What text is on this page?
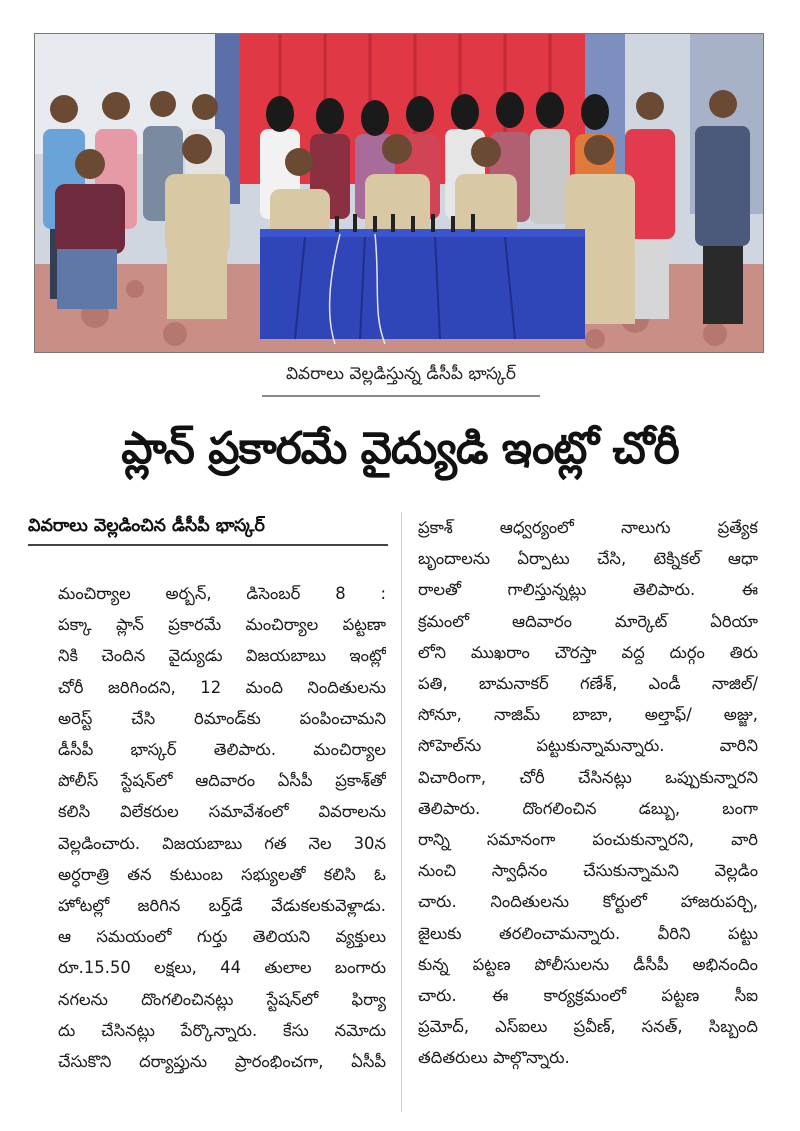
వివరాలు వెల్లడిస్తున్న డీసీపీ భాస్కర్
ప్లాన్ ప్రకారమే వైద్యుడి ఇంట్లో చోరీ
వివరాలు వెల్లడించిన డీసీపీ భాస్కర్

మంచిర్యాల అర్బన్, డిసెంబర్ 8 :

పక్కా ప్లాన్ ప్రకారమే మంచిర్యాల పట్టణా

నికి చెందిన వైద్యుడు విజయబాబు ఇంట్లో

చోరీ జరిగిందని, 12 మంది నిందితులను

అరెస్ట్ చేసి రిమాండ్‌కు పంపించామని

డీసీపీ భాస్కర్ తెలిపారు. మంచిర్యాల

పోలీస్ స్టేషన్‌లో ఆదివారం ఏసీపీ ప్రకాశ్‌తో

కలిసి విలేకరుల సమావేశంలో వివరాలను

వెల్లడించారు. విజయబాబు గత నెల 30న

అర్ధరాత్రి తన కుటుంబ సభ్యులతో కలిసి ఓ

హోటల్లో జరిగిన బర్త్‌డే వేడుకలకువెళ్లాడు.

ఆ సమయంలో గుర్తు తెలియని వ్యక్తులు

రూ.15.50 లక్షలు, 44 తులాల బంగారు

నగలను దొంగలించినట్లు స్టేషన్‌లో ఫిర్యా

దు చేసినట్లు పేర్కొన్నారు. కేసు నమోదు

చేసుకొని దర్యాప్తును ప్రారంభించగా, ఏసీపీ

ప్రకాశ్ ఆధ్వర్యంలో నాలుగు ప్రత్యేక

బృందాలను ఏర్పాటు చేసి, టెక్నికల్ ఆధా

రాలతో గాలిస్తున్నట్లు తెలిపారు. ఈ

క్రమంలో ఆదివారం మార్కెట్ ఏరియా

లోని ముఖరాం చౌరస్తా వద్ద దుర్గం తిరు

పతి, బామనాకర్ గణేశ్, ఎండీ నాజిల్/

సోనూ, నాజిమ్ బాబా, అల్తాఫ్/ అజ్జు,

సోహెల్‌ను పట్టుకున్నామన్నారు. వారిని

విచారింగా, చోరీ చేసినట్లు ఒప్పుకున్నారని

తెలిపారు. దొంగలించిన డబ్బు, బంగా

రాన్ని సమానంగా పంచుకున్నారని, వారి

నుంచి స్వాధీనం చేసుకున్నామని వెల్లడిం

చారు. నిందితులను కోర్టులో హాజరుపర్చి,

జైలుకు తరలించామన్నారు. వీరిని పట్టు

కున్న పట్టణ పోలీసులను డీసీపీ అభినందిం

చారు. ఈ కార్యక్రమంలో పట్టణ సీఐ

ప్రమోద్, ఎస్ఐలు ప్రవీణ్, సనత్, సిబ్బంది

తదితరులు పాల్గొన్నారు.
